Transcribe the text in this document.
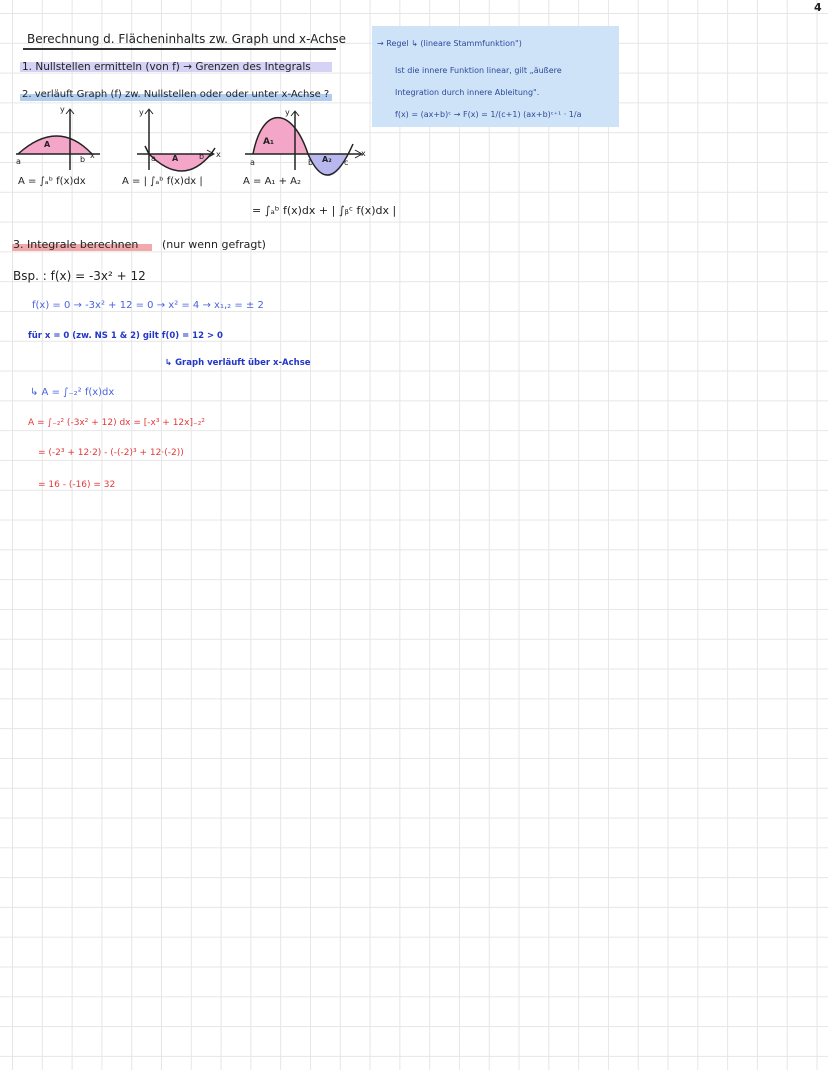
4
Berechnung d. Flächeninhalts zw. Graph und x-Achse
1. Nullstellen ermitteln (von f) → Grenzen des Integrals
2. verläuft Graph (f) zw. Nullstellen oder oder unter x-Achse ?
y
x
a	b
A
A = ∫ₐᵇ f(x)dx
y
x
a	b
A
A = | ∫ₐᵇ f(x)dx |
y
x
a	b	c
A₁
A₂
A = A₁ + A₂
= ∫ₐᵇ f(x)dx + | ∫ᵦᶜ f(x)dx |
→ Regel ↳ (lineare Stammfunktion")
Ist die innere Funktion linear, gilt „äußere
Integration durch innere Ableitung".
f(x) = (ax+b)ᶜ → F(x) = 1/(c+1) (ax+b)ᶜ⁺¹ · 1/a
3. Integrale berechnen (nur wenn gefragt)
Bsp. : f(x) = -3x² + 12
f(x) = 0 → -3x² + 12 = 0 → x² = 4 → x₁,₂ = ± 2
für x = 0 (zw. NS 1 & 2) gilt f(0) = 12 > 0
↳ Graph verläuft über x-Achse
↳ A = ∫₋₂² f(x)dx
A = ∫₋₂² (-3x² + 12) dx = [-x³ + 12x]₋₂²
= (-2³ + 12·2) - (-(-2)³ + 12·(-2))
= 16 - (-16) = 32
